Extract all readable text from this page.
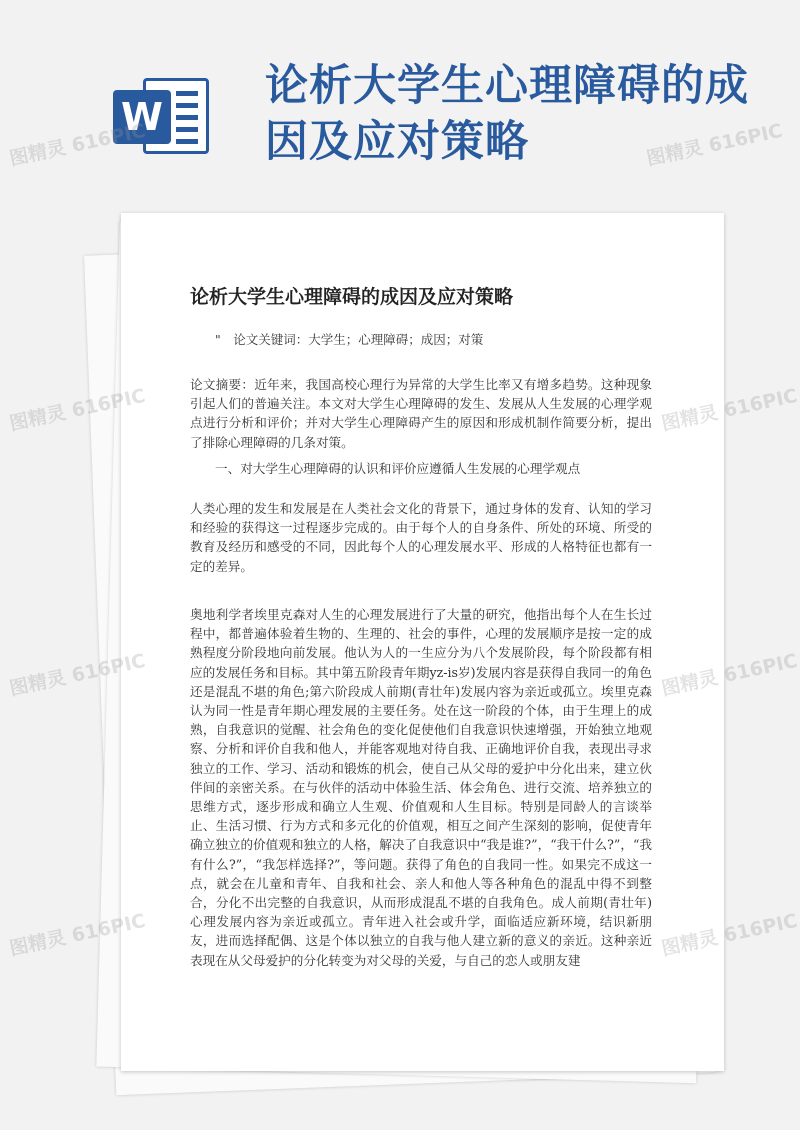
W
论析大学生心理障碍的成因及应对策略
论析大学生心理障碍的成因及应对策略
"　论文关键词：大学生；心理障碍；成因；对策
论文摘要：近年来，我国高校心理行为异常的大学生比率又有增多趋势。这种现象引起人们的普遍关注。本文对大学生心理障碍的发生、发展从人生发展的心理学观点进行分析和评价；并对大学生心理障碍产生的原因和形成机制作简要分析，提出了排除心理障碍的几条对策。
一、对大学生心理障碍的认识和评价应遵循人生发展的心理学观点
人类心理的发生和发展是在人类社会文化的背景下，通过身体的发育、认知的学习和经验的获得这一过程逐步完成的。由于每个人的自身条件、所处的环境、所受的教育及经历和感受的不同，因此每个人的心理发展水平、形成的人格特征也都有一定的差异。
奥地利学者埃里克森对人生的心理发展进行了大量的研究，他指出每个人在生长过程中，都普遍体验着生物的、生理的、社会的事件，心理的发展顺序是按一定的成熟程度分阶段地向前发展。他认为人的一生应分为八个发展阶段，每个阶段都有相应的发展任务和目标。其中第五阶段青年期yz-is岁)发展内容是获得自我同一的角色还是混乱不堪的角色;第六阶段成人前期(青壮年)发展内容为亲近或孤立。埃里克森认为同一性是青年期心理发展的主要任务。处在这一阶段的个体，由于生理上的成熟，自我意识的觉醒、社会角色的变化促使他们自我意识快速增强，开始独立地观察、分析和评价自我和他人，并能客观地对待自我、正确地评价自我，表现出寻求独立的工作、学习、活动和锻炼的机会，使自己从父母的爱护中分化出来，建立伙伴间的亲密关系。在与伙伴的活动中体验生活、体会角色、进行交流、培养独立的思维方式，逐步形成和确立人生观、价值观和人生目标。特别是同龄人的言谈举止、生活习惯、行为方式和多元化的价值观，相互之间产生深刻的影响，促使青年确立独立的价值观和独立的人格，解决了自我意识中“我是谁?”，“我干什么?”，“我有什么?”，“我怎样选择?”，等问题。获得了角色的自我同一性。如果完不成这一点，就会在儿童和青年、自我和社会、亲人和他人等各种角色的混乱中得不到整合，分化不出完整的自我意识，从而形成混乱不堪的自我角色。成人前期(青壮年)心理发展内容为亲近或孤立。青年进入社会或升学，面临适应新环境，结识新朋友，进而选择配偶、这是个体以独立的自我与他人建立新的意义的亲近。这种亲近表现在从父母爱护的分化转变为对父母的关爱，与自己的恋人或朋友建
图精灵 616PIC	图精灵 616PIC
图精灵 616PIC	图精灵 616PIC
图精灵 616PIC	图精灵 616PIC
图精灵 616PIC	图精灵 616PIC
